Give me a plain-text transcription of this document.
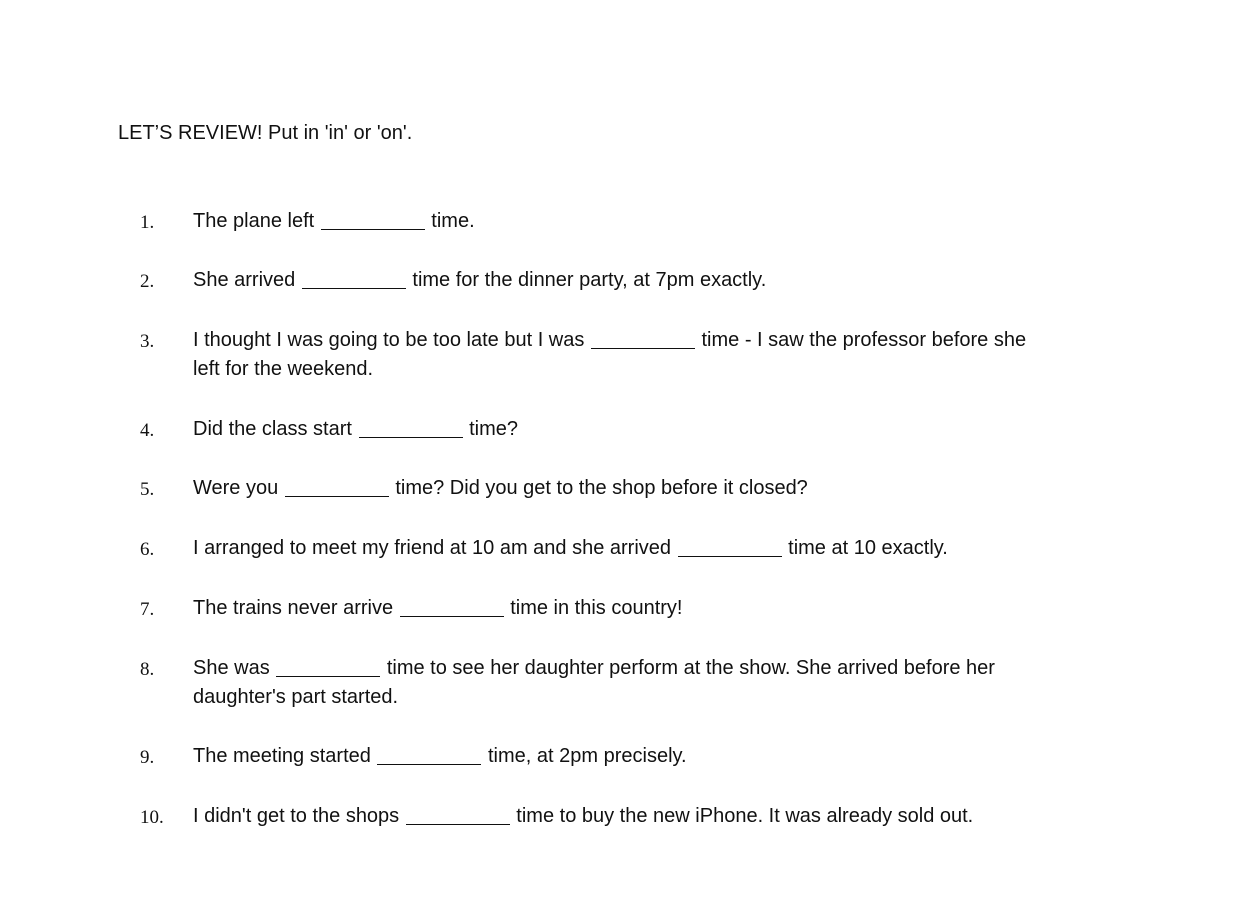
LET’S REVIEW! Put in 'in' or 'on'.
1. The plane left	time.
2. She arrived	time for the dinner party, at 7pm exactly.
3. I thought I was going to be too late but I was	time - I saw the professor before she left for the weekend.
4. Did the class start	time?
5. Were you	time? Did you get to the shop before it closed?
6. I arranged to meet my friend at 10 am and she arrived	time at 10 exactly.
7. The trains never arrive	time in this country!
8. She was	time to see her daughter perform at the show. She arrived before her daughter's part started.
9. The meeting started	time, at 2pm precisely.
10. I didn't get to the shops	time to buy the new iPhone. It was already sold out.
